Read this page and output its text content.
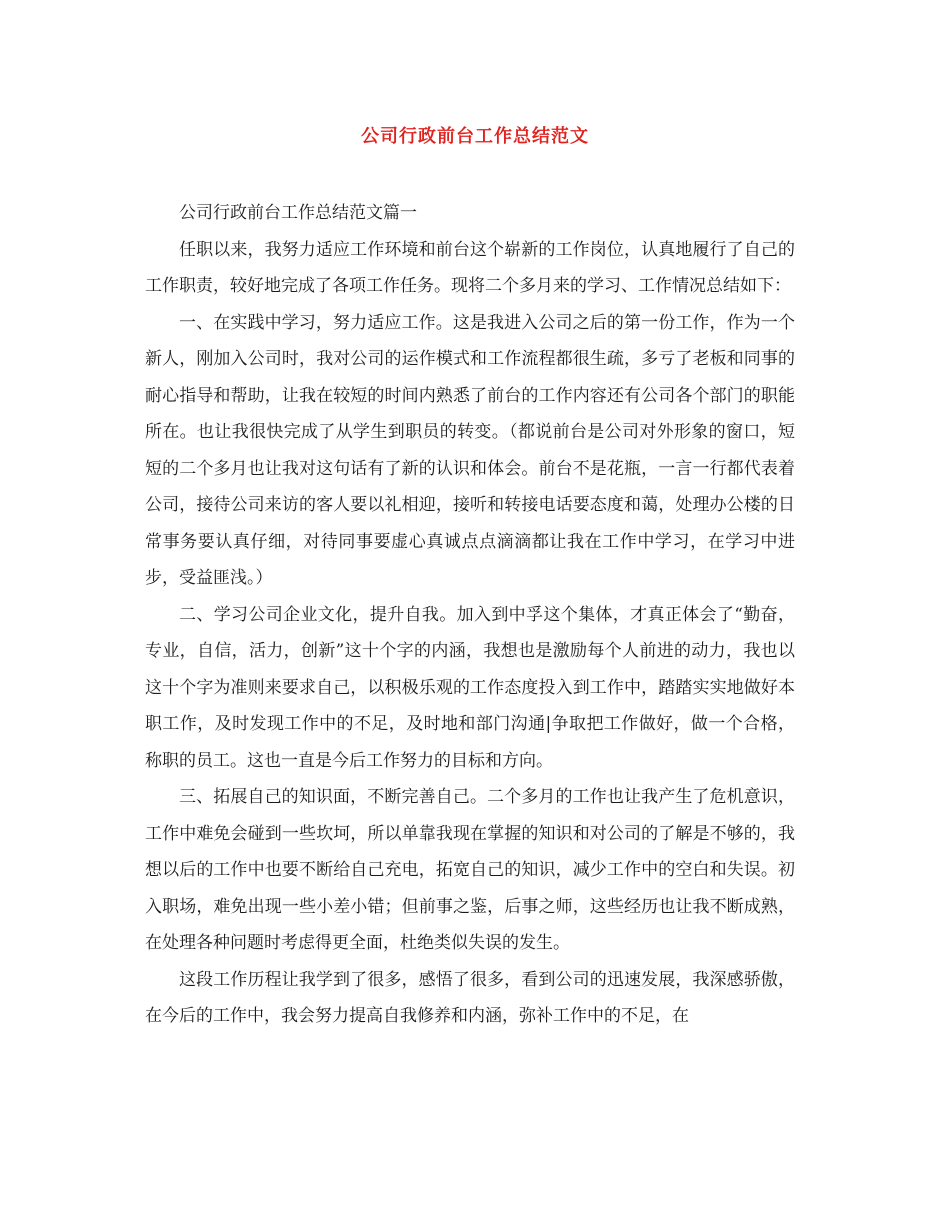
公司行政前台工作总结范文

公司行政前台工作总结范文篇一

任职以来，我努力适应工作环境和前台这个崭新的工作岗位，认真地履行了自己的工作职责，较好地完成了各项工作任务。现将二个多月来的学习、工作情况总结如下：

一、在实践中学习，努力适应工作。这是我进入公司之后的第一份工作，作为一个新人，刚加入公司时，我对公司的运作模式和工作流程都很生疏，多亏了老板和同事的耐心指导和帮助，让我在较短的时间内熟悉了前台的工作内容还有公司各个部门的职能所在。也让我很快完成了从学生到职员的转变。（都说前台是公司对外形象的窗口，短短的二个多月也让我对这句话有了新的认识和体会。前台不是花瓶，一言一行都代表着公司，接待公司来访的客人要以礼相迎，接听和转接电话要态度和蔼，处理办公楼的日常事务要认真仔细，对待同事要虚心真诚点点滴滴都让我在工作中学习，在学习中进步，受益匪浅。）

二、学习公司企业文化，提升自我。加入到中孚这个集体，才真正体会了“勤奋，专业，自信，活力，创新”这十个字的内涵，我想也是激励每个人前进的动力，我也以这十个字为准则来要求自己，以积极乐观的工作态度投入到工作中，踏踏实实地做好本职工作，及时发现工作中的不足，及时地和部门沟通|争取把工作做好，做一个合格，称职的员工。这也一直是今后工作努力的目标和方向。

三、拓展自己的知识面，不断完善自己。二个多月的工作也让我产生了危机意识，工作中难免会碰到一些坎坷，所以单靠我现在掌握的知识和对公司的了解是不够的，我想以后的工作中也要不断给自己充电，拓宽自己的知识，减少工作中的空白和失误。初入职场，难免出现一些小差小错；但前事之鉴，后事之师，这些经历也让我不断成熟，在处理各种问题时考虑得更全面，杜绝类似失误的发生。

这段工作历程让我学到了很多，感悟了很多，看到公司的迅速发展，我深感骄傲，在今后的工作中，我会努力提高自我修养和内涵，弥补工作中的不足，在
